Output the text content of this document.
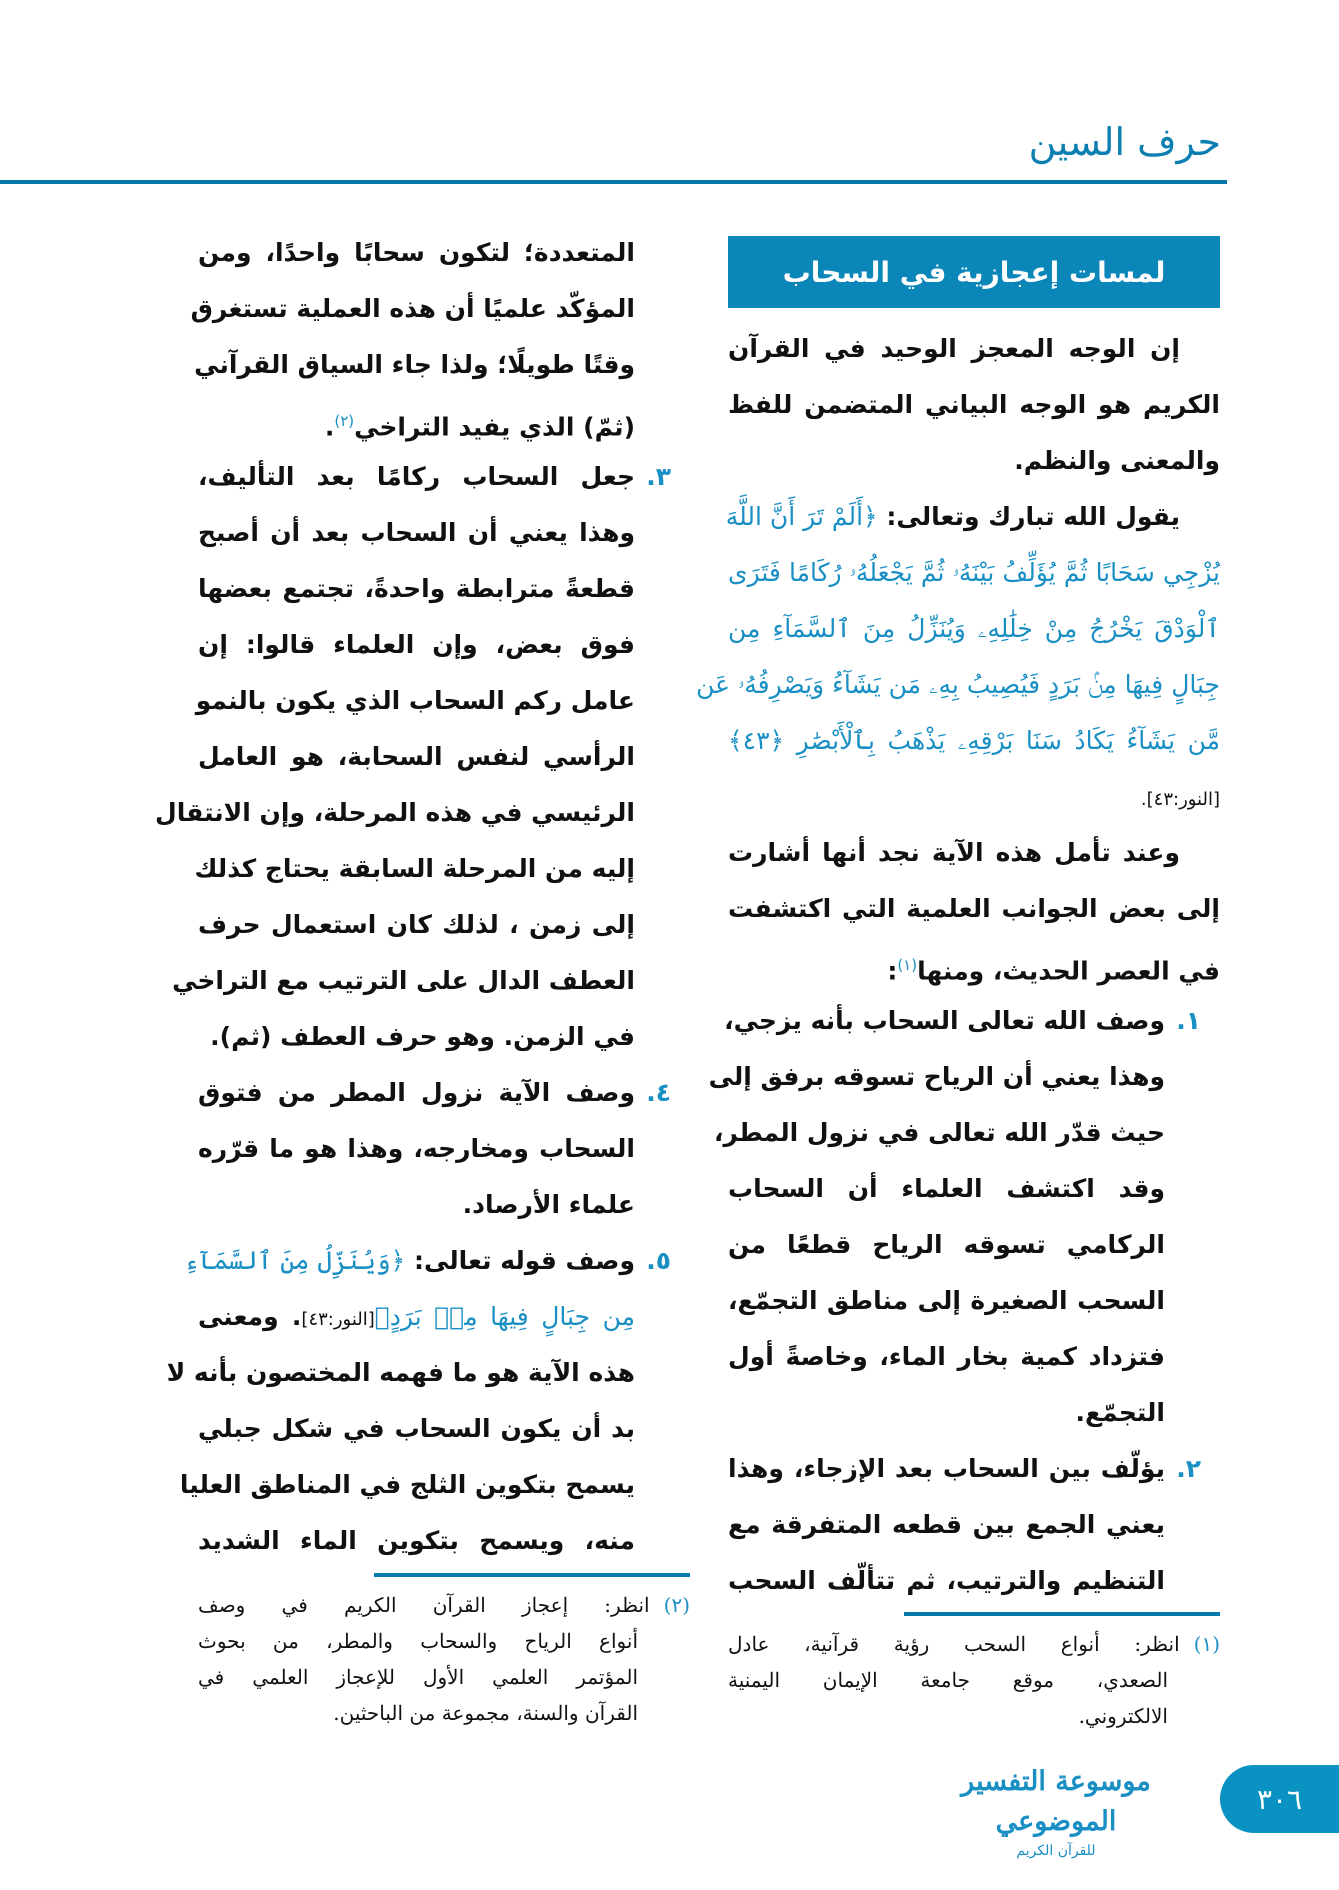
حرف السين
لمسات إعجازية في السحاب
إن الوجه المعجز الوحيد في القرآن
الكريم هو الوجه البياني المتضمن للفظ
والمعنى والنظم.
يقول الله تبارك وتعالى: ﴿أَلَمْ تَرَ أَنَّ اللَّهَ
يُزْجِي سَحَابًا ثُمَّ يُؤَلِّفُ بَيْنَهُۥ ثُمَّ يَجْعَلُهُۥ رُكَامًا فَتَرَى
ٱلْوَدْقَ يَخْرُجُ مِنْ خِلَٰلِهِۦ وَيُنَزِّلُ مِنَ ٱلسَّمَآءِ مِن
جِبَالٍ فِيهَا مِنۢ بَرَدٍ فَيُصِيبُ بِهِۦ مَن يَشَآءُ وَيَصْرِفُهُۥ عَن
مَّن يَشَآءُ يَكَادُ سَنَا بَرْقِهِۦ يَذْهَبُ بِٱلْأَبْصَٰرِ ﴿٤٣﴾
[النور:٤٣].
وعند تأمل هذه الآية نجد أنها أشارت
إلى بعض الجوانب العلمية التي اكتشفت
في العصر الحديث، ومنها$^{(١)}$:
١.
وصف الله تعالى السحاب بأنه يزجي،
وهذا يعني أن الرياح تسوقه برفق إلى
حيث قدّر الله تعالى في نزول المطر،
وقد اكتشف العلماء أن السحاب
الركامي تسوقه الرياح قطعًا من
السحب الصغيرة إلى مناطق التجمّع،
فتزداد كمية بخار الماء، وخاصةً أول
التجمّع.
٢.
يؤلّف بين السحاب بعد الإزجاء، وهذا
يعني الجمع بين قطعه المتفرقة مع
التنظيم والترتيب، ثم تتألّف السحب
المتعددة؛ لتكون سحابًا واحدًا، ومن
المؤكّد علميًا أن هذه العملية تستغرق
وقتًا طويلًا؛ ولذا جاء السياق القرآني
(ثمّ) الذي يفيد التراخي$^{(٢)}$.
٣.
جعل السحاب ركامًا بعد التأليف،
وهذا يعني أن السحاب بعد أن أصبح
قطعةً مترابطة واحدةً، تجتمع بعضها
فوق بعض، وإن العلماء قالوا: إن
عامل ركم السحاب الذي يكون بالنمو
الرأسي لنفس السحابة، هو العامل
الرئيسي في هذه المرحلة، وإن الانتقال
إليه من المرحلة السابقة يحتاج كذلك
إلى زمن ، لذلك كان استعمال حرف
العطف الدال على الترتيب مع التراخي
في الزمن. وهو حرف العطف (ثم).
٤.
وصف الآية نزول المطر من فتوق
السحاب ومخارجه، وهذا هو ما قرّره
علماء الأرصاد.
٥.
وصف قوله تعالى: ﴿وَيُنَزِّلُ مِنَ ٱلسَّمَآءِ
مِن جِبَالٍ فِيهَا مِنۢ بَرَدٍ﴾[النور:٤٣]. ومعنى
هذه الآية هو ما فهمه المختصون بأنه لا
بد أن يكون السحاب في شكل جبلي
يسمح بتكوين الثلج في المناطق العليا
منه، ويسمح بتكوين الماء الشديد
(١)انظر: أنواع السحب رؤية قرآنية، عادل
الصعدي، موقع جامعة الإيمان اليمنية
الالكتروني.
(٢)انظر: إعجاز القرآن الكريم في وصف
أنواع الرياح والسحاب والمطر، من بحوث
المؤتمر العلمي الأول للإعجاز العلمي في
القرآن والسنة، مجموعة من الباحثين.
موسوعة التفسير الموضوعي
للقرآن الكريم
٣٠٦
